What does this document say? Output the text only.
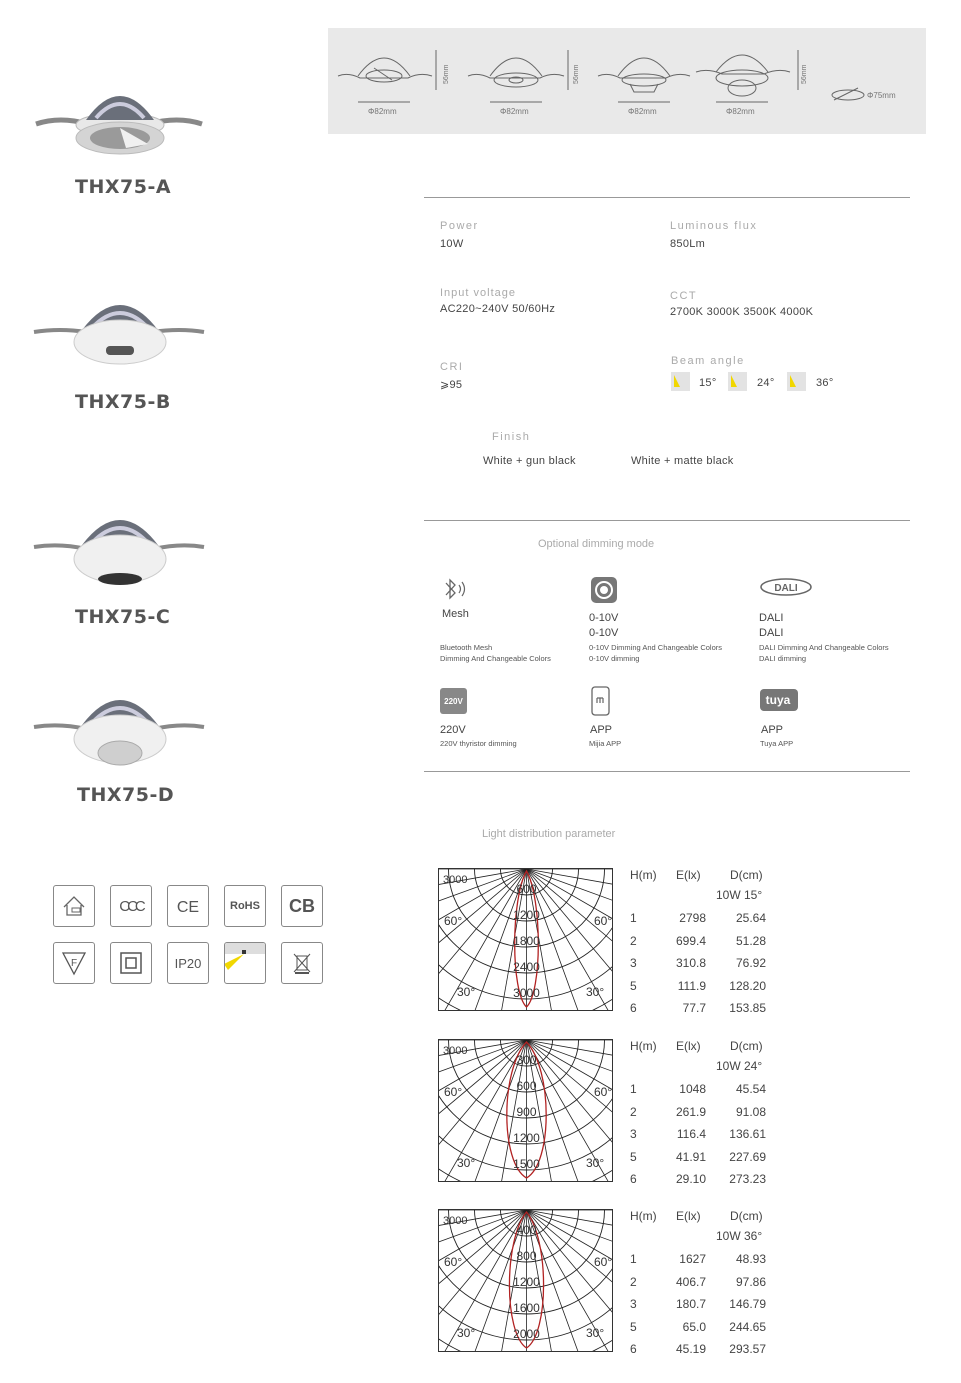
THX75-A
THX75-B
THX75-C
THX75-D
CCC CE	RoHS CB
F	IP20
Φ82mm	Φ82mm	Φ82mm	Φ82mm
Φ75mm
56mm	56mm	56mm
Power
10W
Luminous flux
850Lm
Input voltage
AC220~240V 50/60Hz
CCT
2700K 3000K 3500K 4000K
CRI
⩾95
Beam angle
15°	24°	36°
Finish
White + gun black	White + matte black
Optional dimming mode
Mesh
Bluetooth Mesh
Dimming And Changeable Colors
0-10V
0-10V
0-10V Dimming And Changeable Colors
0-10V dimming
DALI
DALI
DALI
DALI Dimming And Changeable Colors
DALI dimming
220V
220V
220V thyristor dimming
APP
Mijia APP
tuya
APP
Tuya APP
Light distribution parameter
600
1200
1800
2400
3000
3000
60°	60°
30°	30°
H(m) E(lx) D(cm)
10W 15°
1	2798 25.64
2	699.4 51.28
3	310.8 76.92
5	111.9 128.20
6	77.7 153.85
300
600
900
1200
1500
3000
60°	60°
30°	30°
H(m) E(lx) D(cm)
10W 24°
1	1048 45.54
2	261.9 91.08
3	116.4 136.61
5	41.91 227.69
6	29.10 273.23
400
800
1200
1600
2000
3000
60°	60°
30°	30°
H(m) E(lx) D(cm)
10W 36°
1	1627 48.93
2	406.7 97.86
3	180.7 146.79
5	65.0 244.65
6	45.19 293.57
